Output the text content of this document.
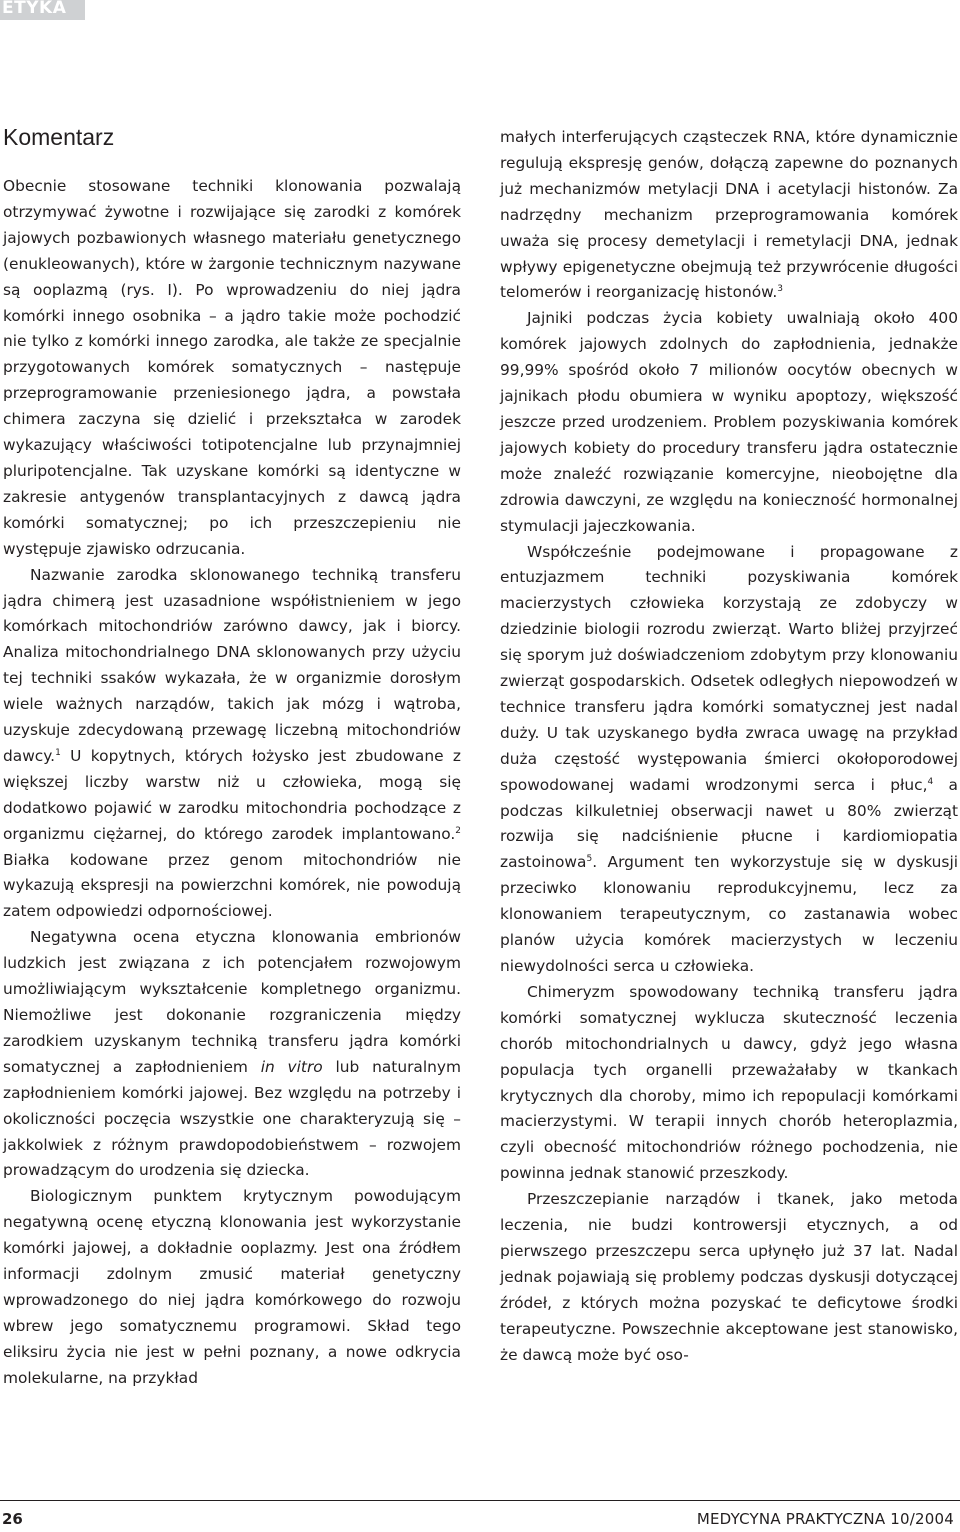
ETYKA
Komentarz

Obecnie stosowane techniki klonowania pozwalają otrzymywać żywotne i rozwijające się zarodki z komórek jajowych pozbawionych własnego materiału genetycznego (enukleowanych), które w żargonie technicznym nazywane są ooplazmą (rys. I). Po wprowadzeniu do niej jądra komórki innego osobnika – a jądro takie może pochodzić nie tylko z komórki innego zarodka, ale także ze specjalnie przygotowanych komórek somatycznych – następuje przeprogramowanie przeniesionego jądra, a powstała chimera zaczyna się dzielić i przekształca w zarodek wykazujący właściwości totipotencjalne lub przynajmniej pluripotencjalne. Tak uzyskane komórki są identyczne w zakresie antygenów transplantacyjnych z dawcą jądra komórki somatycznej; po ich przeszczepieniu nie występuje zjawisko odrzucania.

Nazwanie zarodka sklonowanego techniką transferu jądra chimerą jest uzasadnione współistnieniem w jego komórkach mitochondriów zarówno dawcy, jak i biorcy. Analiza mitochondrialnego DNA sklonowanych przy użyciu tej techniki ssaków wykazała, że w organizmie dorosłym wiele ważnych narządów, takich jak mózg i wątroba, uzyskuje zdecydowaną przewagę liczebną mitochondriów dawcy.$^1$ U kopytnych, których łożysko jest zbudowane z większej liczby warstw niż u człowieka, mogą się dodatkowo pojawić w zarodku mitochondria pochodzące z organizmu ciężarnej, do którego zarodek implantowano.$^2$ Białka kodowane przez genom mitochondriów nie wykazują ekspresji na powierzchni komórek, nie powodują zatem odpowiedzi odpornościowej.

Negatywna ocena etyczna klonowania embrionów ludzkich jest związana z ich potencjałem rozwojowym umożliwiającym wykształcenie kompletnego organizmu. Niemożliwe jest dokonanie rozgraniczenia między zarodkiem uzyskanym techniką transferu jądra komórki somatycznej a zapłodnieniem in vitro lub naturalnym zapłodnieniem komórki jajowej. Bez względu na potrzeby i okoliczności poczęcia wszystkie one charakteryzują się – jakkolwiek z różnym prawdopodobieństwem – rozwojem prowadzącym do urodzenia się dziecka.

Biologicznym punktem krytycznym powodującym negatywną ocenę etyczną klonowania jest wykorzystanie komórki jajowej, a dokładnie ooplazmy. Jest ona źródłem informacji zdolnym zmusić materiał genetyczny wprowadzonego do niej jądra komórkowego do rozwoju wbrew jego somatycznemu programowi. Skład tego eliksiru życia nie jest w pełni poznany, a nowe odkrycia molekularne, na przykład

małych interferujących cząsteczek RNA, które dynamicznie regulują ekspresję genów, dołączą zapewne do poznanych już mechanizmów metylacji DNA i acetylacji histonów. Za nadrzędny mechanizm przeprogramowania komórek uważa się procesy demetylacji i remetylacji DNA, jednak wpływy epigenetyczne obejmują też przywrócenie długości telomerów i reorganizację histonów.$^3$

Jajniki podczas życia kobiety uwalniają około 400 komórek jajowych zdolnych do zapłodnienia, jednakże 99,99% spośród około 7 milionów oocytów obecnych w jajnikach płodu obumiera w wyniku apoptozy, większość jeszcze przed urodzeniem. Problem pozyskiwania komórek jajowych kobiety do procedury transferu jądra ostatecznie może znaleźć rozwiązanie komercyjne, nieobojętne dla zdrowia dawczyni, ze względu na konieczność hormonalnej stymulacji jajeczkowania.

Współcześnie podejmowane i propagowane z entuzjazmem techniki pozyskiwania komórek macierzystych człowieka korzystają ze zdobyczy w dziedzinie biologii rozrodu zwierząt. Warto bliżej przyjrzeć się sporym już doświadczeniom zdobytym przy klonowaniu zwierząt gospodarskich. Odsetek odległych niepowodzeń w technice transferu jądra komórki somatycznej jest nadal duży. U tak uzyskanego bydła zwraca uwagę na przykład duża częstość występowania śmierci okołoporodowej spowodowanej wadami wrodzonymi serca i płuc,$^4$ a podczas kilkuletniej obserwacji nawet u 80% zwierząt rozwija się nadciśnienie płucne i kardiomiopatia zastoinowa$^5$. Argument ten wykorzystuje się w dyskusji przeciwko klonowaniu reprodukcyjnemu, lecz za klonowaniem terapeutycznym, co zastanawia wobec planów użycia komórek macierzystych w leczeniu niewydolności serca u człowieka.

Chimeryzm spowodowany techniką transferu jądra komórki somatycznej wyklucza skuteczność leczenia chorób mitochondrialnych u dawcy, gdyż jego własna populacja tych organelli przeważałaby w tkankach krytycznych dla choroby, mimo ich repopulacji komórkami macierzystymi. W terapii innych chorób heteroplazmia, czyli obecność mitochondriów różnego pochodzenia, nie powinna jednak stanowić przeszkody.

Przeszczepianie narządów i tkanek, jako metoda leczenia, nie budzi kontrowersji etycznych, a od pierwszego przeszczepu serca upłynęło już 37 lat. Nadal jednak pojawiają się problemy podczas dyskusji dotyczącej źródeł, z których można pozyskać te deficytowe środki terapeutyczne. Powszechnie akceptowane jest stanowisko, że dawcą może być oso-

26	MEDYCYNA PRAKTYCZNA 10/2004
